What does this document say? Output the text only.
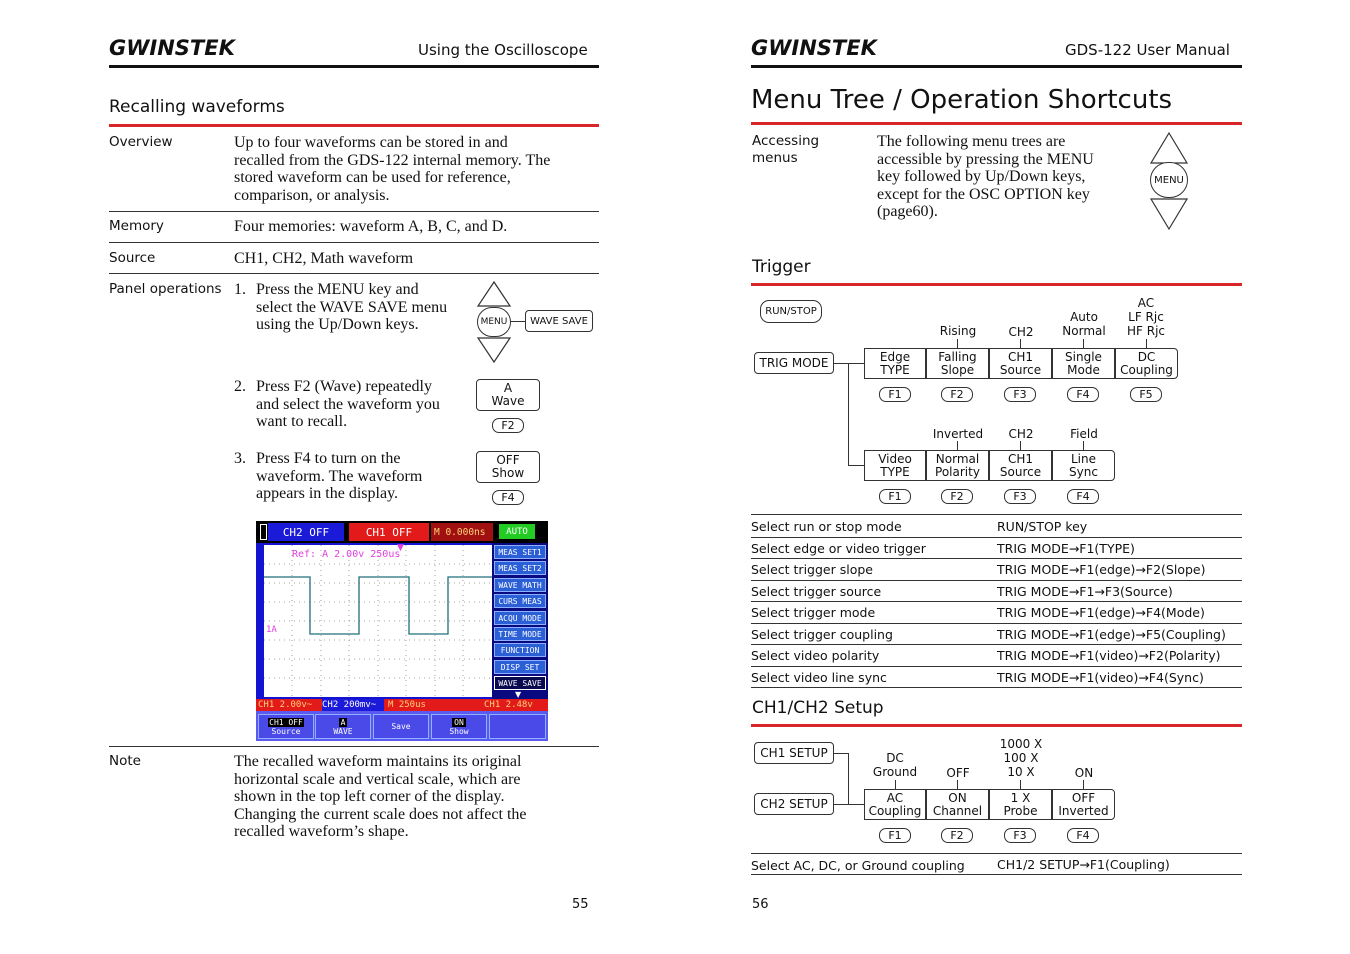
GWINSTEK	Using the Oscilloscope
Recalling waveforms
Overview	Up to four waveforms can be stored in and
recalled from the GDS-122 internal memory. The
stored waveform can be used for reference,
comparison, or analysis.
Memory	Four memories: waveform A, B, C, and D.
Source	CH1, CH2, Math waveform
Panel operations 1. Press the MENU key and
select the WAVE SAVE menu
using the Up/Down keys.
2. Press F2 (Wave) repeatedly
and select the waveform you
want to recall.
3. Press F4 to turn on the
waveform. The waveform
appears in the display.
MENU	WAVE SAVE
A
Wave
F2
OFF
Show
F4
CH2 OFF	CH1 OFF	M 0.000ns	AUTO
Ref: A 2.00v 250us
1A
▼	MEAS SET1
MEAS SET2
WAVE MATH
CURS MEAS
ACQU MODE
TIME MODE
FUNCTION
DISP SET
WAVE SAVE
▼
CH1 2.00v~	CH2 200mv~	M 250us	CH1 2.48v
CH1 OFF
Source
A
WAVE	Save	ON
Show
Note	The recalled waveform maintains its original
horizontal scale and vertical scale, which are
shown in the top left corner of the display.
Changing the current scale does not affect the
recalled waveform’s shape.
55
GWINSTEK	GDS-122 User Manual
Menu Tree / Operation Shortcuts
Accessing
menus
The following menu trees are
accessible by pressing the MENU
key followed by Up/Down keys,
except for the OSC OPTION key
(page60).
MENU
Trigger
RUN/STOP
TRIG MODE
Rising	CH2
Auto
Normal
AC
LF Rjc
HF Rjc
Edge
TYPE
Falling
Slope
CH1
Source
Single
Mode
DC
Coupling
F1	F2	F3	F4	F5
Inverted	CH2	Field
Video
TYPE
Normal
Polarity
CH1
Source
Line
Sync
F1	F2	F3	F4
Select run or stop mode	RUN/STOP key
Select edge or video trigger	TRIG MODE→F1(TYPE)
Select trigger slope	TRIG MODE→F1(edge)→F2(Slope)
Select trigger source	TRIG MODE→F1→F3(Source)
Select trigger mode	TRIG MODE→F1(edge)→F4(Mode)
Select trigger coupling	TRIG MODE→F1(edge)→F5(Coupling)
Select video polarity	TRIG MODE→F1(video)→F2(Polarity)
Select video line sync	TRIG MODE→F1(video)→F4(Sync)
CH1/CH2 Setup
CH1 SETUP
CH2 SETUP
DC
Ground	OFF
1000 X
100 X
10 X	ON
AC
Coupling
ON
Channel
1 X
Probe
OFF
Inverted
F1	F2	F3	F4
Select AC, DC, or Ground coupling	CH1/2 SETUP→F1(Coupling)
56
